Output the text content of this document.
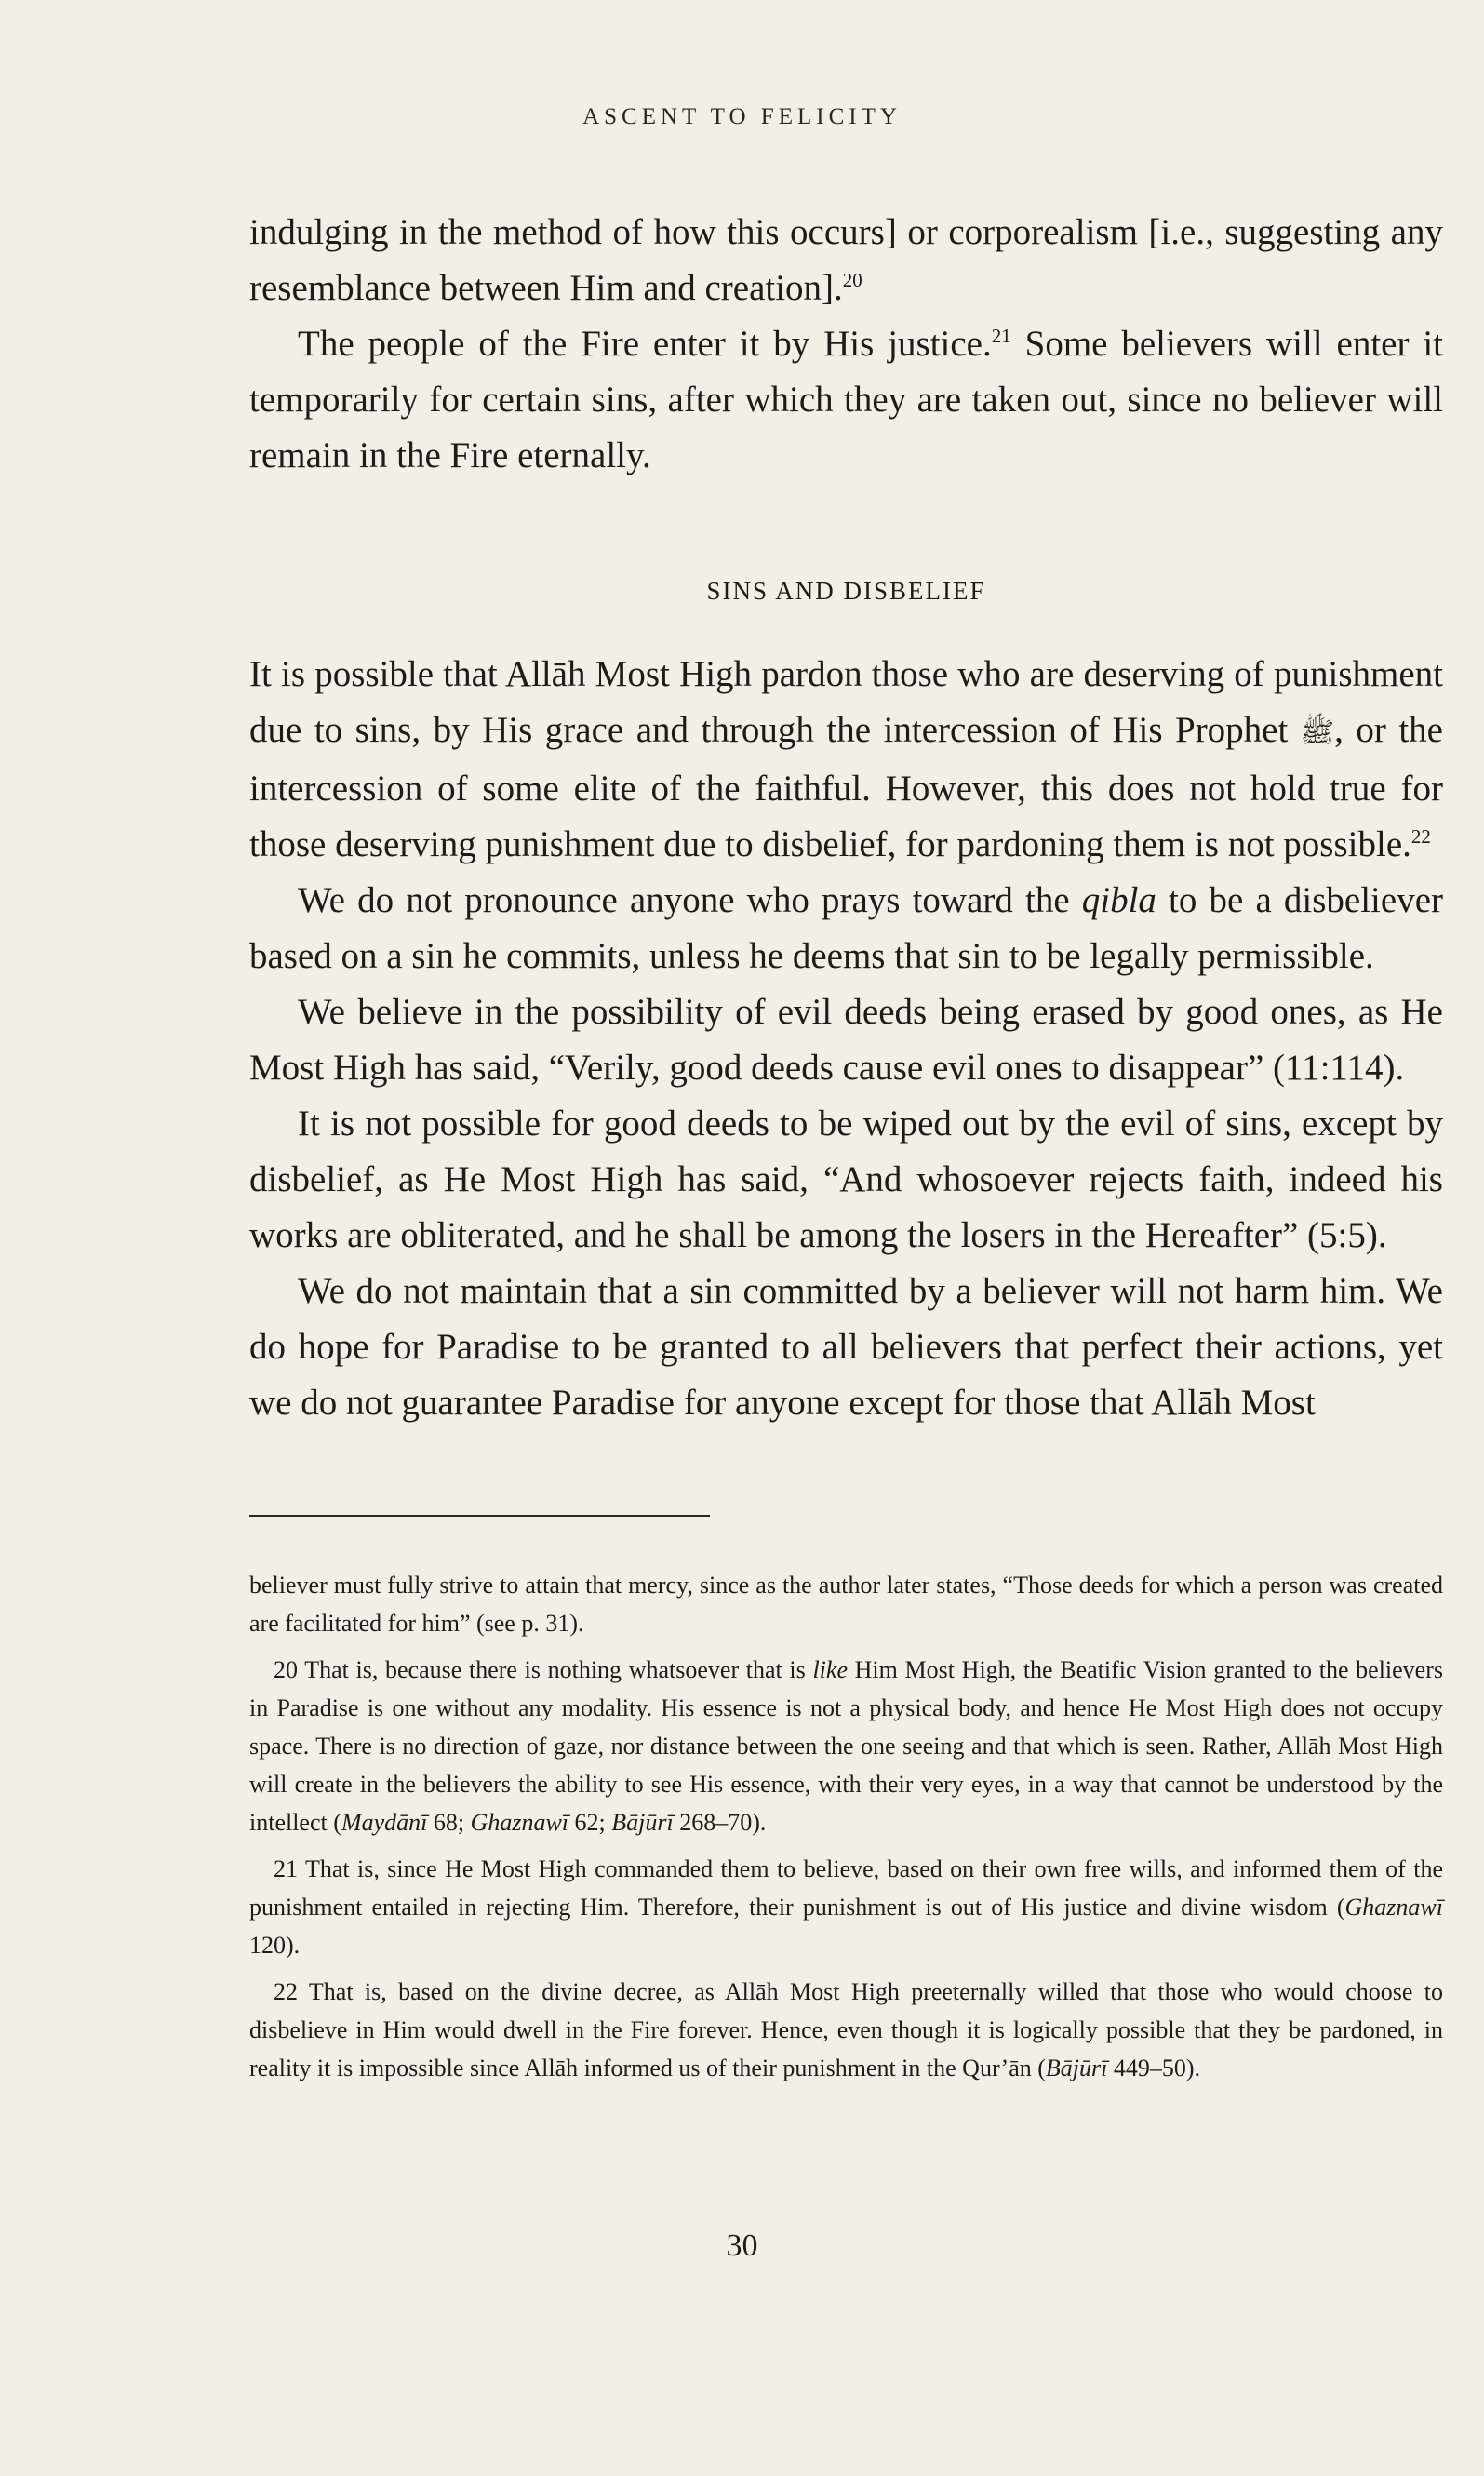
ASCENT TO FELICITY

indulging in the method of how this occurs] or corporealism [i.e., suggesting any resemblance between Him and creation].$^{20}$

The people of the Fire enter it by His justice.$^{21}$ Some believers will enter it temporarily for certain sins, after which they are taken out, since no believer will remain in the Fire eternally.

SINS AND DISBELIEF

It is possible that Allāh Most High pardon those who are deserving of punishment due to sins, by His grace and through the intercession of His Prophet ﷺ, or the intercession of some elite of the faithful. However, this does not hold true for those deserving punishment due to disbelief, for pardoning them is not possible.$^{22}$

We do not pronounce anyone who prays toward the qibla to be a disbeliever based on a sin he commits, unless he deems that sin to be legally permissible.

We believe in the possibility of evil deeds being erased by good ones, as He Most High has said, “Verily, good deeds cause evil ones to disappear” (11:114).

It is not possible for good deeds to be wiped out by the evil of sins, except by disbelief, as He Most High has said, “And whosoever rejects faith, indeed his works are obliterated, and he shall be among the losers in the Hereafter” (5:5).

We do not maintain that a sin committed by a believer will not harm him. We do hope for Paradise to be granted to all believers that perfect their actions, yet we do not guarantee Paradise for anyone except for those that Allāh Most

believer must fully strive to attain that mercy, since as the author later states, “Those deeds for which a person was created are facilitated for him” (see p. 31).

20 That is, because there is nothing whatsoever that is like Him Most High, the Beatific Vision granted to the believers in Paradise is one without any modality. His essence is not a physical body, and hence He Most High does not occupy space. There is no direction of gaze, nor distance between the one seeing and that which is seen. Rather, Allāh Most High will create in the believers the ability to see His essence, with their very eyes, in a way that cannot be understood by the intellect (Maydānī 68; Ghaznawī 62; Bājūrī 268–70).

21 That is, since He Most High commanded them to believe, based on their own free wills, and informed them of the punishment entailed in rejecting Him. Therefore, their punishment is out of His justice and divine wisdom (Ghaznawī 120).

22 That is, based on the divine decree, as Allāh Most High preeternally willed that those who would choose to disbelieve in Him would dwell in the Fire forever. Hence, even though it is logically possible that they be pardoned, in reality it is impossible since Allāh informed us of their punishment in the Qur’ān (Bājūrī 449–50).

30
